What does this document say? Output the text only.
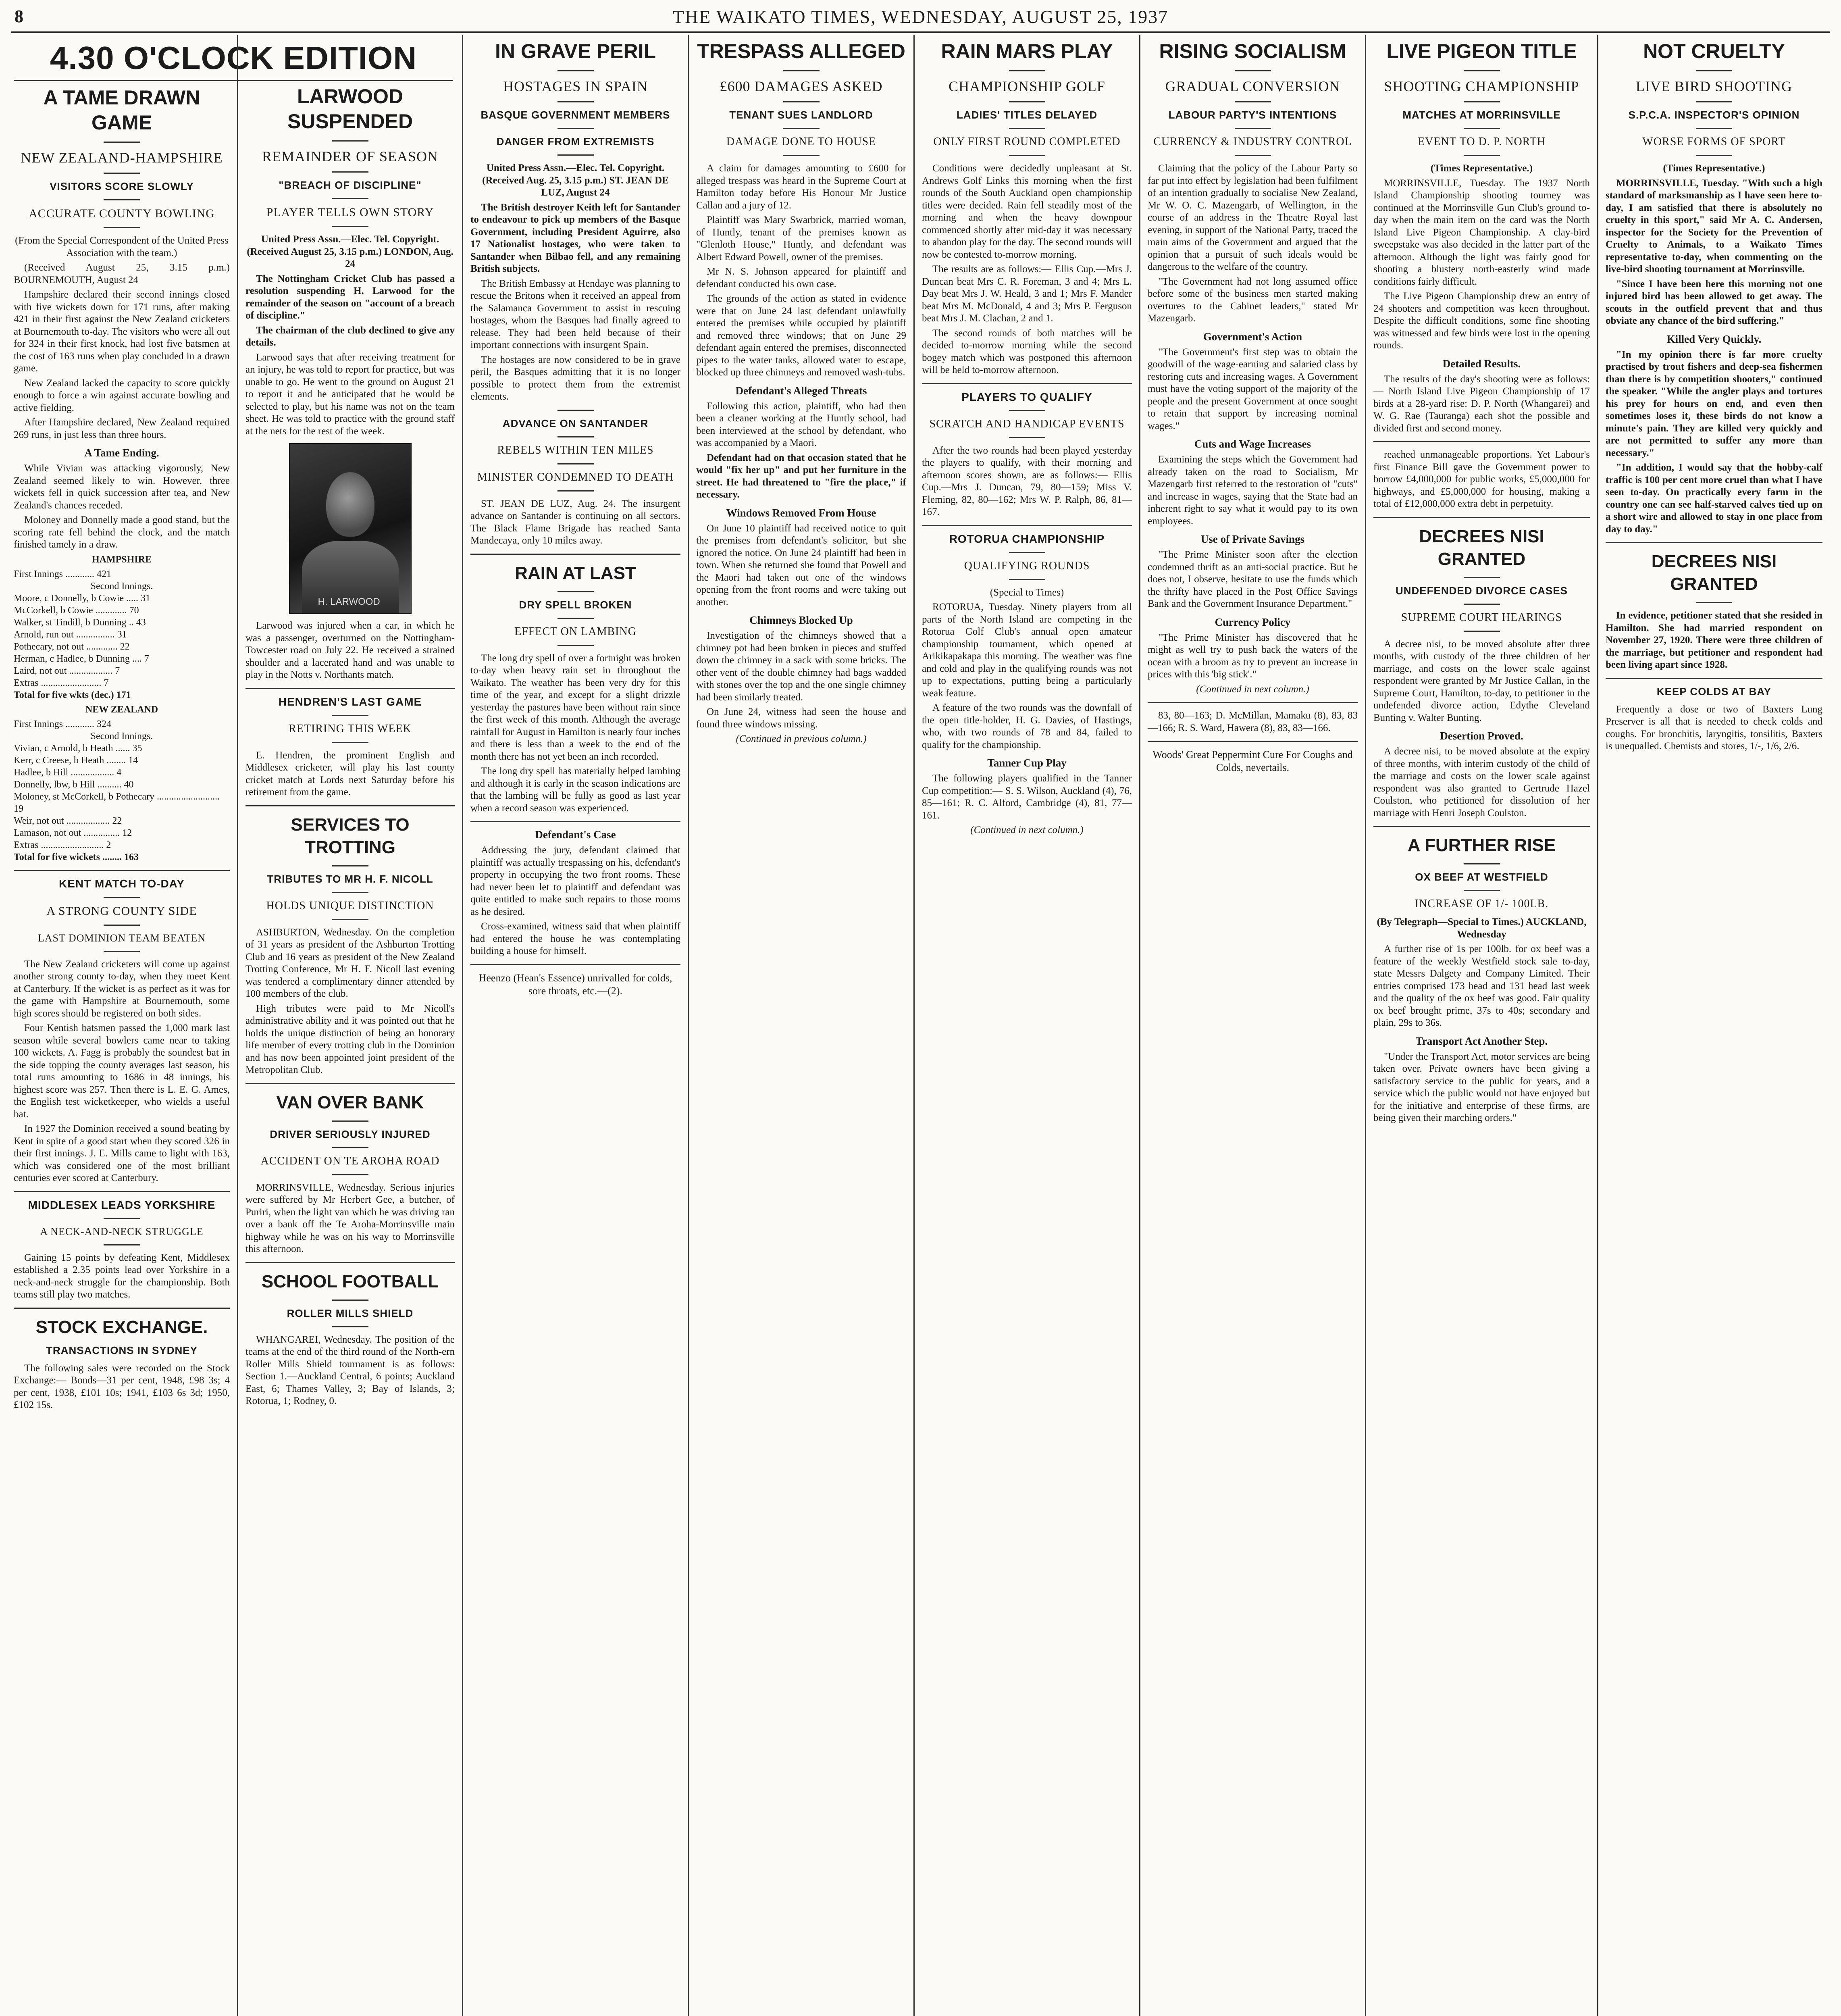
8	THE WAIKATO TIMES, WEDNESDAY, AUGUST 25, 1937
4.30 O'CLOCK EDITION
A TAME DRAWN GAME
NEW ZEALAND-HAMPSHIRE
VISITORS SCORE SLOWLY
ACCURATE COUNTY BOWLING

(From the Special Correspondent of the United Press Association with the team.)

(Received August 25, 3.15 p.m.) BOURNEMOUTH, August 24

Hampshire declared their second innings closed with five wickets down for 171 runs, after making 421 in their first against the New Zealand cricketers at Bournemouth to-day. The visitors who were all out for 324 in their first knock, had lost five batsmen at the cost of 163 runs when play concluded in a drawn game.

New Zealand lacked the capacity to score quickly enough to force a win against accurate bowling and active fielding.

After Hampshire declared, New Zealand required 269 runs, in just less than three hours.

A Tame Ending.

While Vivian was attacking vigorously, New Zealand seemed likely to win. However, three wickets fell in quick succession after tea, and New Zealand's chances receded.

Moloney and Donnelly made a good stand, but the scoring rate fell behind the clock, and the match finished tamely in a draw.

HAMPSHIRE
First Innings ............ 421
Second Innings.
Moore, c Donnelly, b Cowie ..... 31
McCorkell, b Cowie ............. 70
Walker, st Tindill, b Dunning .. 43
Arnold, run out ................ 31
Pothecary, not out ............. 22
Herman, c Hadlee, b Dunning .... 7
Laird, not out .................. 7
Extras ......................... 7
Total for five wkts (dec.) 171
NEW ZEALAND
First Innings ............ 324
Second Innings.
Vivian, c Arnold, b Heath ...... 35
Kerr, c Creese, b Heath ........ 14
Hadlee, b Hill .................. 4
Donnelly, lbw, b Hill .......... 40
Moloney, st McCorkell, b Pothecary .......................... 19
Weir, not out .................. 22
Lamason, not out ............... 12
Extras .......................... 2
Total for five wickets ........ 163
KENT MATCH TO-DAY
A STRONG COUNTY SIDE
LAST DOMINION TEAM BEATEN

The New Zealand cricketers will come up against another strong county to-day, when they meet Kent at Canterbury. If the wicket is as perfect as it was for the game with Hampshire at Bournemouth, some high scores should be registered on both sides.

Four Kentish batsmen passed the 1,000 mark last season while several bowlers came near to taking 100 wickets. A. Fagg is probably the soundest bat in the side topping the county averages last season, his total runs amounting to 1686 in 48 innings, his highest score was 257. Then there is L. E. G. Ames, the English test wicketkeeper, who wields a useful bat.

In 1927 the Dominion received a sound beating by Kent in spite of a good start when they scored 326 in their first innings. J. E. Mills came to light with 163, which was considered one of the most brilliant centuries ever scored at Canterbury.

MIDDLESEX LEADS YORKSHIRE
A NECK-AND-NECK STRUGGLE

Gaining 15 points by defeating Kent, Middlesex established a 2.35 points lead over Yorkshire in a neck-and-neck struggle for the championship. Both teams still play two matches.

STOCK EXCHANGE.
TRANSACTIONS IN SYDNEY

The following sales were recorded on the Stock Exchange:— Bonds—31 per cent, 1948, £98 3s; 4 per cent, 1938, £101 10s; 1941, £103 6s 3d; 1950, £102 15s.

LARWOOD SUSPENDED
REMAINDER OF SEASON
"BREACH OF DISCIPLINE"
PLAYER TELLS OWN STORY

United Press Assn.—Elec. Tel. Copyright. (Received August 25, 3.15 p.m.) LONDON, Aug. 24

The Nottingham Cricket Club has passed a resolution suspending H. Larwood for the remainder of the season on "account of a breach of discipline."

The chairman of the club declined to give any details.

Larwood says that after receiving treatment for an injury, he was told to report for practice, but was unable to go. He went to the ground on August 21 to report it and he anticipated that he would be selected to play, but his name was not on the team sheet. He was told to practice with the ground staff at the nets for the rest of the week.

H. LARWOOD

Larwood was injured when a car, in which he was a passenger, overturned on the Nottingham-Towcester road on July 22. He received a strained shoulder and a lacerated hand and was unable to play in the Notts v. Northants match.

HENDREN'S LAST GAME
RETIRING THIS WEEK

E. Hendren, the prominent English and Middlesex cricketer, will play his last county cricket match at Lords next Saturday before his retirement from the game.

SERVICES TO TROTTING
TRIBUTES TO MR H. F. NICOLL
HOLDS UNIQUE DISTINCTION

ASHBURTON, Wednesday. On the completion of 31 years as president of the Ashburton Trotting Club and 16 years as president of the New Zealand Trotting Conference, Mr H. F. Nicoll last evening was tendered a complimentary dinner attended by 100 members of the club.

High tributes were paid to Mr Nicoll's administrative ability and it was pointed out that he holds the unique distinction of being an honorary life member of every trotting club in the Dominion and has now been appointed joint president of the Metropolitan Club.

VAN OVER BANK
DRIVER SERIOUSLY INJURED
ACCIDENT ON TE AROHA ROAD

MORRINSVILLE, Wednesday. Serious injuries were suffered by Mr Herbert Gee, a butcher, of Puriri, when the light van which he was driving ran over a bank off the Te Aroha-Morrinsville main highway while he was on his way to Morrinsville this afternoon.

SCHOOL FOOTBALL
ROLLER MILLS SHIELD

WHANGAREI, Wednesday. The position of the teams at the end of the third round of the North-ern Roller Mills Shield tournament is as follows: Section 1.—Auckland Central, 6 points; Auckland East, 6; Thames Valley, 3; Bay of Islands, 3; Rotorua, 1; Rodney, 0.

IN GRAVE PERIL
HOSTAGES IN SPAIN
BASQUE GOVERNMENT MEMBERS
DANGER FROM EXTREMISTS

United Press Assn.—Elec. Tel. Copyright. (Received Aug. 25, 3.15 p.m.) ST. JEAN DE LUZ, August 24

The British destroyer Keith left for Santander to endeavour to pick up members of the Basque Government, including President Aguirre, also 17 Nationalist hostages, who were taken to Santander when Bilbao fell, and any remaining British subjects.

The British Embassy at Hendaye was planning to rescue the Britons when it received an appeal from the Salamanca Government to assist in rescuing hostages, whom the Basques had finally agreed to release. They had been held because of their important connections with insurgent Spain.

The hostages are now considered to be in grave peril, the Basques admitting that it is no longer possible to protect them from the extremist elements.

ADVANCE ON SANTANDER
REBELS WITHIN TEN MILES
MINISTER CONDEMNED TO DEATH

ST. JEAN DE LUZ, Aug. 24. The insurgent advance on Santander is continuing on all sectors. The Black Flame Brigade has reached Santa Mandecaya, only 10 miles away.

RAIN AT LAST
DRY SPELL BROKEN
EFFECT ON LAMBING

The long dry spell of over a fortnight was broken to-day when heavy rain set in throughout the Waikato. The weather has been very dry for this time of the year, and except for a slight drizzle yesterday the pastures have been without rain since the first week of this month. Although the average rainfall for August in Hamilton is nearly four inches and there is less than a week to the end of the month there has not yet been an inch recorded.

The long dry spell has materially helped lambing and although it is early in the season indications are that the lambing will be fully as good as last year when a record season was experienced.

Defendant's Case

Addressing the jury, defendant claimed that plaintiff was actually trespassing on his, defendant's property in occupying the two front rooms. These had never been let to plaintiff and defendant was quite entitled to make such repairs to those rooms as he desired.

Cross-examined, witness said that when plaintiff had entered the house he was contemplating building a house for himself.

Heenzo (Hean's Essence) unrivalled for colds, sore throats, etc.—(2).
TRESPASS ALLEGED
£600 DAMAGES ASKED
TENANT SUES LANDLORD
DAMAGE DONE TO HOUSE

A claim for damages amounting to £600 for alleged trespass was heard in the Supreme Court at Hamilton today before His Honour Mr Justice Callan and a jury of 12.

Plaintiff was Mary Swarbrick, married woman, of Huntly, tenant of the premises known as "Glenloth House," Huntly, and defendant was Albert Edward Powell, owner of the premises.

Mr N. S. Johnson appeared for plaintiff and defendant conducted his own case.

The grounds of the action as stated in evidence were that on June 24 last defendant unlawfully entered the premises while occupied by plaintiff and removed three windows; that on June 29 defendant again entered the premises, disconnected pipes to the water tanks, allowed water to escape, blocked up three chimneys and removed wash-tubs.

Defendant's Alleged Threats

Following this action, plaintiff, who had then been a cleaner working at the Huntly school, had been interviewed at the school by defendant, who was accompanied by a Maori.

Defendant had on that occasion stated that he would "fix her up" and put her furniture in the street. He had threatened to "fire the place," if necessary.

Windows Removed From House

On June 10 plaintiff had received notice to quit the premises from defendant's solicitor, but she ignored the notice. On June 24 plaintiff had been in town. When she returned she found that Powell and the Maori had taken out one of the windows opening from the front rooms and were taking out another.

Chimneys Blocked Up

Investigation of the chimneys showed that a chimney pot had been broken in pieces and stuffed down the chimney in a sack with some bricks. The other vent of the double chimney had bags wadded with stones over the top and the one single chimney had been similarly treated.

On June 24, witness had seen the house and found three windows missing.

(Continued in previous column.)

RAIN MARS PLAY
CHAMPIONSHIP GOLF
LADIES' TITLES DELAYED
ONLY FIRST ROUND COMPLETED

Conditions were decidedly unpleasant at St. Andrews Golf Links this morning when the first rounds of the South Auckland open championship titles were decided. Rain fell steadily most of the morning and when the heavy downpour commenced shortly after mid-day it was necessary to abandon play for the day. The second rounds will now be contested to-morrow morning.

The results are as follows:— Ellis Cup.—Mrs J. Duncan beat Mrs C. R. Foreman, 3 and 4; Mrs L. Day beat Mrs J. W. Heald, 3 and 1; Mrs F. Mander beat Mrs M. McDonald, 4 and 3; Mrs P. Ferguson beat Mrs J. M. Clachan, 2 and 1.

The second rounds of both matches will be decided to-morrow morning while the second bogey match which was postponed this afternoon will be held to-morrow afternoon.

PLAYERS TO QUALIFY
SCRATCH AND HANDICAP EVENTS

After the two rounds had been played yesterday the players to qualify, with their morning and afternoon scores shown, are as follows:— Ellis Cup.—Mrs J. Duncan, 79, 80—159; Miss V. Fleming, 82, 80—162; Mrs W. P. Ralph, 86, 81—167.

ROTORUA CHAMPIONSHIP
QUALIFYING ROUNDS

(Special to Times)

ROTORUA, Tuesday. Ninety players from all parts of the North Island are competing in the Rotorua Golf Club's annual open amateur championship tournament, which opened at Arikikapakapa this morning. The weather was fine and cold and play in the qualifying rounds was not up to expectations, putting being a particularly weak feature.

A feature of the two rounds was the downfall of the open title-holder, H. G. Davies, of Hastings, who, with two rounds of 78 and 84, failed to qualify for the championship.

Tanner Cup Play

The following players qualified in the Tanner Cup competition:— S. S. Wilson, Auckland (4), 76, 85—161; R. C. Alford, Cambridge (4), 81, 77—161.

(Continued in next column.)

RISING SOCIALISM
GRADUAL CONVERSION
LABOUR PARTY'S INTENTIONS
CURRENCY & INDUSTRY CONTROL

Claiming that the policy of the Labour Party so far put into effect by legislation had been fulfilment of an intention gradually to socialise New Zealand, Mr W. O. C. Mazengarb, of Wellington, in the course of an address in the Theatre Royal last evening, in support of the National Party, traced the main aims of the Government and argued that the opinion that a pursuit of such ideals would be dangerous to the welfare of the country.

"The Government had not long assumed office before some of the business men started making overtures to the Cabinet leaders," stated Mr Mazengarb.

Government's Action

"The Government's first step was to obtain the goodwill of the wage-earning and salaried class by restoring cuts and increasing wages. A Government must have the voting support of the majority of the people and the present Government at once sought to retain that support by increasing nominal wages."

Cuts and Wage Increases

Examining the steps which the Government had already taken on the road to Socialism, Mr Mazengarb first referred to the restoration of "cuts" and increase in wages, saying that the State had an inherent right to say what it would pay to its own employees.

Use of Private Savings

"The Prime Minister soon after the election condemned thrift as an anti-social practice. But he does not, I observe, hesitate to use the funds which the thrifty have placed in the Post Office Savings Bank and the Government Insurance Department."

Currency Policy

"The Prime Minister has discovered that he might as well try to push back the waters of the ocean with a broom as try to prevent an increase in prices with this 'big stick'."

(Continued in next column.)

83, 80—163; D. McMillan, Mamaku (8), 83, 83—166; R. S. Ward, Hawera (8), 83, 83—166.

Woods' Great Peppermint Cure For Coughs and Colds, nevertails.
LIVE PIGEON TITLE
SHOOTING CHAMPIONSHIP
MATCHES AT MORRINSVILLE
EVENT TO D. P. NORTH

(Times Representative.)

MORRINSVILLE, Tuesday. The 1937 North Island Championship shooting tourney was continued at the Morrinsville Gun Club's ground to-day when the main item on the card was the North Island Live Pigeon Championship. A clay-bird sweepstake was also decided in the latter part of the afternoon. Although the light was fairly good for shooting a blustery north-easterly wind made conditions fairly difficult.

The Live Pigeon Championship drew an entry of 24 shooters and competition was keen throughout. Despite the difficult conditions, some fine shooting was witnessed and few birds were lost in the opening rounds.

Detailed Results.

The results of the day's shooting were as follows:— North Island Live Pigeon Championship of 17 birds at a 28-yard rise: D. P. North (Whangarei) and W. G. Rae (Tauranga) each shot the possible and divided first and second money.

reached unmanageable proportions. Yet Labour's first Finance Bill gave the Government power to borrow £4,000,000 for public works, £5,000,000 for highways, and £5,000,000 for housing, making a total of £12,000,000 extra debt in perpetuity.

DECREES NISI GRANTED
UNDEFENDED DIVORCE CASES
SUPREME COURT HEARINGS

A decree nisi, to be moved absolute after three months, with custody of the three children of her marriage, and costs on the lower scale against respondent were granted by Mr Justice Callan, in the Supreme Court, Hamilton, to-day, to petitioner in the undefended divorce action, Edythe Cleveland Bunting v. Walter Bunting.

Desertion Proved.

A decree nisi, to be moved absolute at the expiry of three months, with interim custody of the child of the marriage and costs on the lower scale against respondent was also granted to Gertrude Hazel Coulston, who petitioned for dissolution of her marriage with Henri Joseph Coulston.

A FURTHER RISE
OX BEEF AT WESTFIELD
INCREASE OF 1/- 100LB.

(By Telegraph—Special to Times.) AUCKLAND, Wednesday

A further rise of 1s per 100lb. for ox beef was a feature of the weekly Westfield stock sale to-day, state Messrs Dalgety and Company Limited. Their entries comprised 173 head and 131 head last week and the quality of the ox beef was good. Fair quality ox beef brought prime, 37s to 40s; secondary and plain, 29s to 36s.

Transport Act Another Step.

"Under the Transport Act, motor services are being taken over. Private owners have been giving a satisfactory service to the public for years, and a service which the public would not have enjoyed but for the initiative and enterprise of these firms, are being given their marching orders."

NOT CRUELTY
LIVE BIRD SHOOTING
S.P.C.A. INSPECTOR'S OPINION
WORSE FORMS OF SPORT

(Times Representative.)

MORRINSVILLE, Tuesday. "With such a high standard of marksmanship as I have seen here to-day, I am satisfied that there is absolutely no cruelty in this sport," said Mr A. C. Andersen, inspector for the Society for the Prevention of Cruelty to Animals, to a Waikato Times representative to-day, when commenting on the live-bird shooting tournament at Morrinsville.

"Since I have been here this morning not one injured bird has been allowed to get away. The scouts in the outfield prevent that and thus obviate any chance of the bird suffering."

Killed Very Quickly.

"In my opinion there is far more cruelty practised by trout fishers and deep-sea fishermen than there is by competition shooters," continued the speaker. "While the angler plays and tortures his prey for hours on end, and even then sometimes loses it, these birds do not know a minute's pain. They are killed very quickly and are not permitted to suffer any more than necessary."

"In addition, I would say that the hobby-calf traffic is 100 per cent more cruel than what I have seen to-day. On practically every farm in the country one can see half-starved calves tied up on a short wire and allowed to stay in one place from day to day."

DECREES NISI GRANTED

In evidence, petitioner stated that she resided in Hamilton. She had married respondent on November 27, 1920. There were three children of the marriage, but petitioner and respondent had been living apart since 1928.

KEEP COLDS AT BAY

Frequently a dose or two of Baxters Lung Preserver is all that is needed to check colds and coughs. For bronchitis, laryngitis, tonsilitis, Baxters is unequalled. Chemists and stores, 1/-, 1/6, 2/6.
